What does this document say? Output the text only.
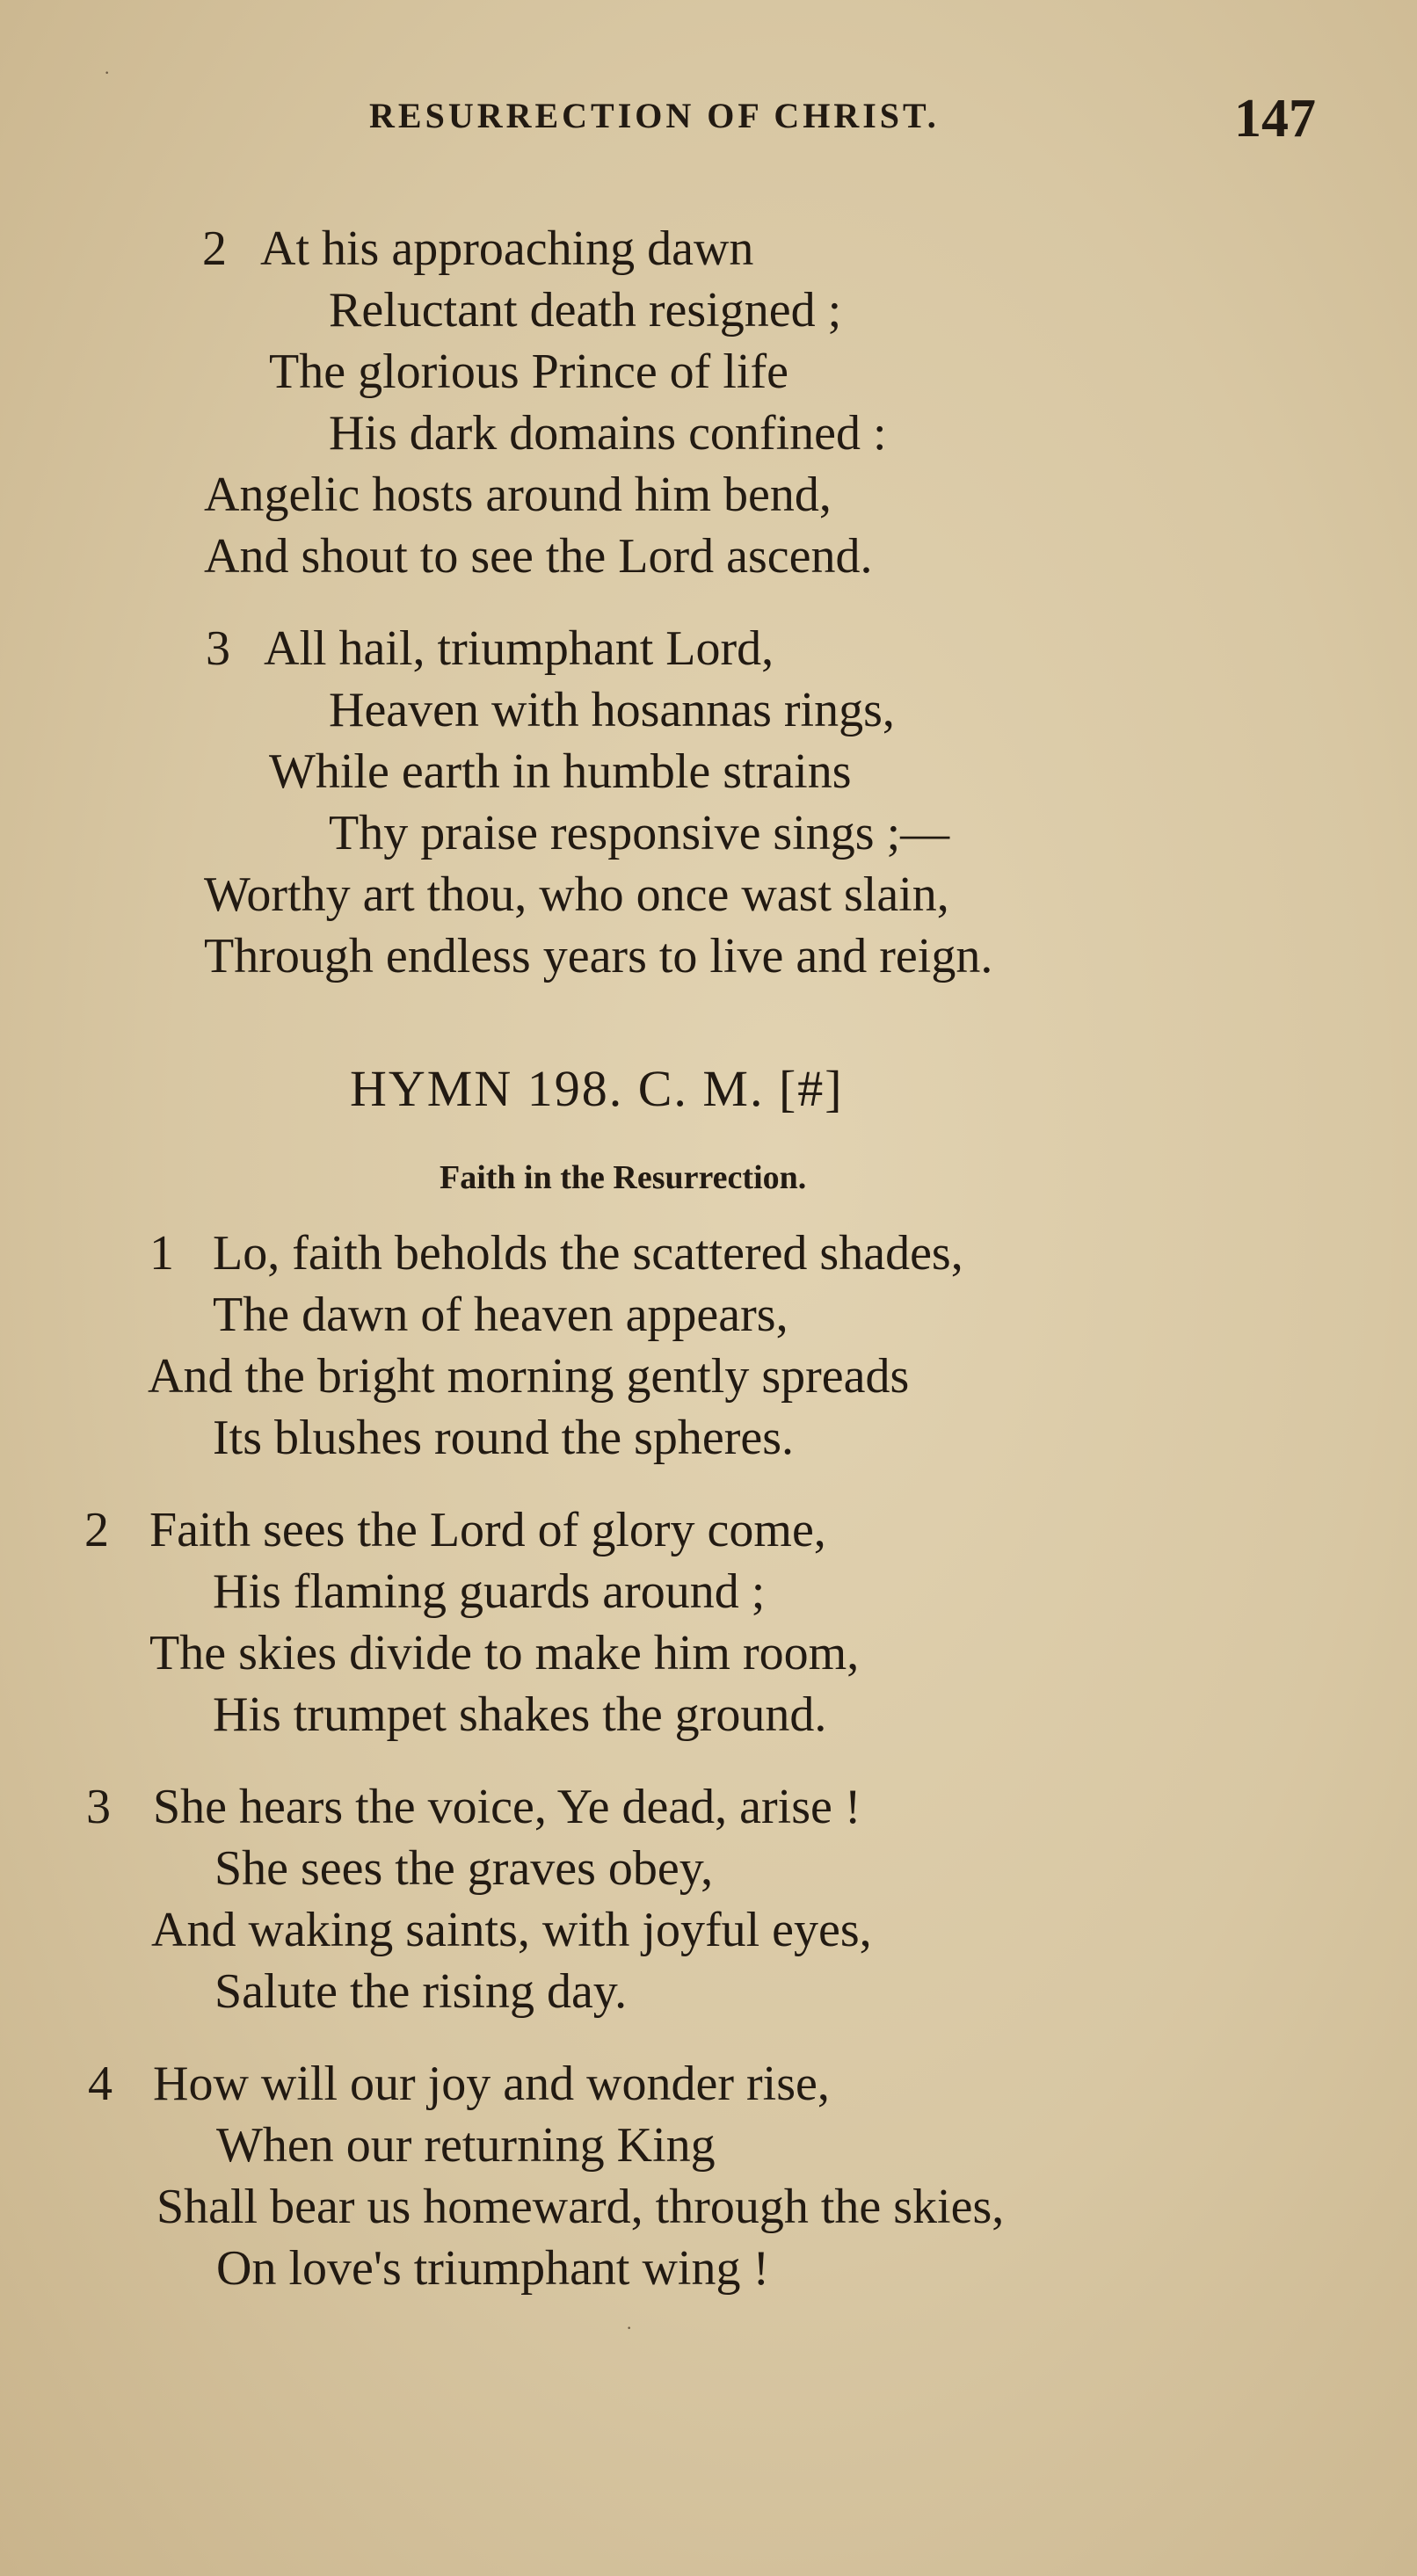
RESURRECTION OF CHRIST.	147
2 At his approaching dawn
Reluctant death resigned ;
The glorious Prince of life
His dark domains confined :
Angelic hosts around him bend,
And shout to see the Lord ascend.
3 All hail, triumphant Lord,
Heaven with hosannas rings,
While earth in humble strains
Thy praise responsive sings ;—
Worthy art thou, who once wast slain,
Through endless years to live and reign.
HYMN 198. C. M. [#]
Faith in the Resurrection.
1 Lo, faith beholds the scattered shades,
The dawn of heaven appears,
And the bright morning gently spreads
Its blushes round the spheres.
2 Faith sees the Lord of glory come,
His flaming guards around ;
The skies divide to make him room,
His trumpet shakes the ground.
3 She hears the voice, Ye dead, arise !
She sees the graves obey,
And waking saints, with joyful eyes,
Salute the rising day.
4 How will our joy and wonder rise,
When our returning King
Shall bear us homeward, through the skies,
On love's triumphant wing !
·
·
